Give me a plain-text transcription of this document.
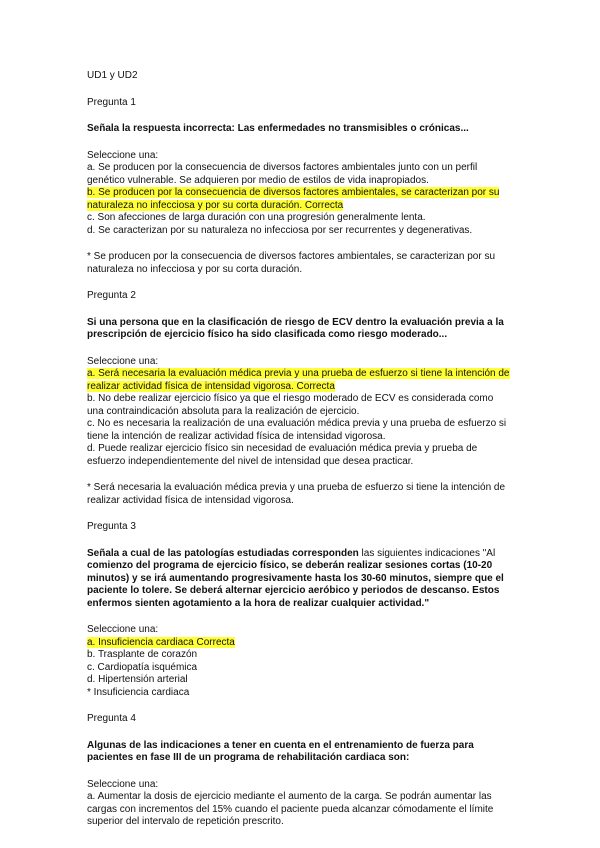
UD1 y UD2
Pregunta 1
Señala la respuesta incorrecta: Las enfermedades no transmisibles o crónicas...
Seleccione una:
a. Se producen por la consecuencia de diversos factores ambientales junto con un perfil
genético vulnerable. Se adquieren por medio de estilos de vida inapropiados.
b. Se producen por la consecuencia de diversos factores ambientales, se caracterizan por su
naturaleza no infecciosa y por su corta duración. Correcta
c. Son afecciones de larga duración con una progresión generalmente lenta.
d. Se caracterizan por su naturaleza no infecciosa por ser recurrentes y degenerativas.
* Se producen por la consecuencia de diversos factores ambientales, se caracterizan por su
naturaleza no infecciosa y por su corta duración.
Pregunta 2
Si una persona que en la clasificación de riesgo de ECV dentro la evaluación previa a la
prescripción de ejercicio físico ha sido clasificada como riesgo moderado...
Seleccione una:
a. Será necesaria la evaluación médica previa y una prueba de esfuerzo si tiene la intención de
realizar actividad física de intensidad vigorosa. Correcta
b. No debe realizar ejercicio físico ya que el riesgo moderado de ECV es considerada como
una contraindicación absoluta para la realización de ejercicio.
c. No es necesaria la realización de una evaluación médica previa y una prueba de esfuerzo si
tiene la intención de realizar actividad física de intensidad vigorosa.
d. Puede realizar ejercicio físico sin necesidad de evaluación médica previa y prueba de
esfuerzo independientemente del nivel de intensidad que desea practicar.
* Será necesaria la evaluación médica previa y una prueba de esfuerzo si tiene la intención de
realizar actividad física de intensidad vigorosa.
Pregunta 3
Señala a cual de las patologías estudiadas corresponden las siguientes indicaciones "Al
comienzo del programa de ejercicio físico, se deberán realizar sesiones cortas (10-20
minutos) y se irá aumentando progresivamente hasta los 30-60 minutos, siempre que el
paciente lo tolere. Se deberá alternar ejercicio aeróbico y periodos de descanso. Estos
enfermos sienten agotamiento a la hora de realizar cualquier actividad."
Seleccione una:
a. Insuficiencia cardiaca Correcta
b. Trasplante de corazón
c. Cardiopatía isquémica
d. Hipertensión arterial
* Insuficiencia cardiaca
Pregunta 4
Algunas de las indicaciones a tener en cuenta en el entrenamiento de fuerza para
pacientes en fase III de un programa de rehabilitación cardiaca son:
Seleccione una:
a. Aumentar la dosis de ejercicio mediante el aumento de la carga. Se podrán aumentar las
cargas con incrementos del 15% cuando el paciente pueda alcanzar cómodamente el límite
superior del intervalo de repetición prescrito.
